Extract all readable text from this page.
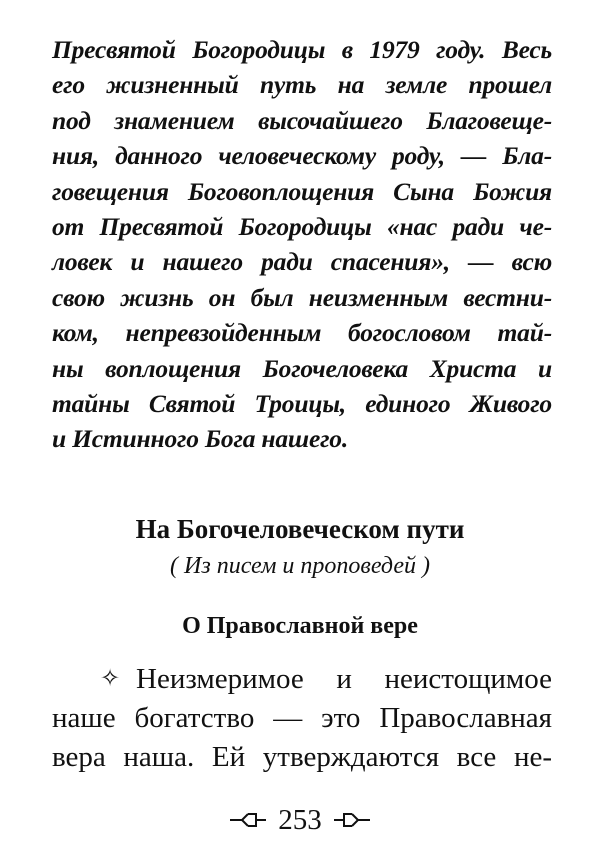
Пресвятой Богородицы в 1979 году. Весь
его жизненный путь на земле прошел
под знамением высочайшего Благовеще-
ния, данного человеческому роду, — Бла-
говещения Боговоплощения Сына Божия
от Пресвятой Богородицы «нас ради че-
ловек и нашего ради спасения», — всю
свою жизнь он был неизменным вестни-
ком, непревзойденным богословом тай-
ны воплощения Богочеловека Христа и
тайны Святой Троицы, единого Живого
и Истинного Бога нашего.
На Богочеловеческом пути
( Из писем и проповедей )
О Православной вере
✧ Неизмеримое и неистощимое
наше богатство — это Православная
вера наша. Ей утверждаются все не-
253
